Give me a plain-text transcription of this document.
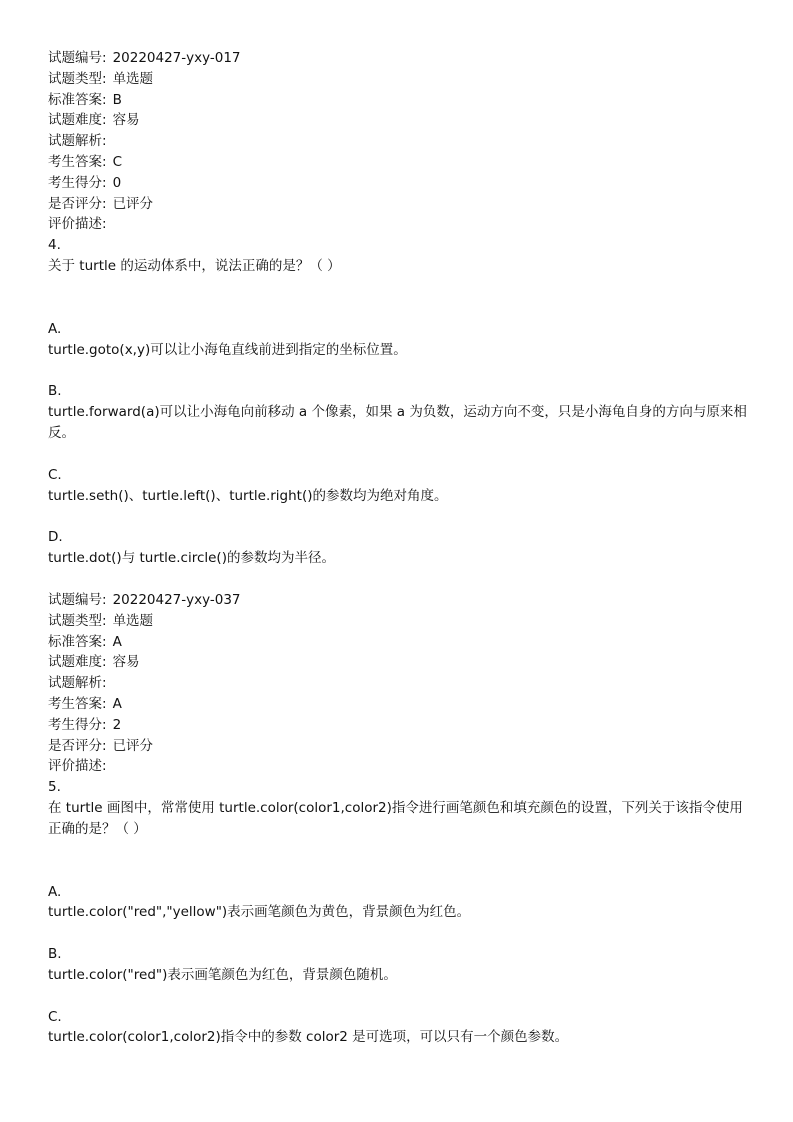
试题编号: 20220427-yxy-017
试题类型: 单选题
标准答案: B
试题难度: 容易
试题解析:
考生答案: C
考生得分: 0
是否评分: 已评分
评价描述:
4.
关于 turtle 的运动体系中，说法正确的是？（ ）
A.
turtle.goto(x,y)可以让小海龟直线前进到指定的坐标位置。
B.
turtle.forward(a)可以让小海龟向前移动 a 个像素，如果 a 为负数，运动方向不变，只是小海龟自身的方向与原来相反。
C.
turtle.seth()、turtle.left()、turtle.right()的参数均为绝对角度。
D.
turtle.dot()与 turtle.circle()的参数均为半径。
试题编号: 20220427-yxy-037
试题类型: 单选题
标准答案: A
试题难度: 容易
试题解析:
考生答案: A
考生得分: 2
是否评分: 已评分
评价描述:
5.
在 turtle 画图中，常常使用 turtle.color(color1,color2)指令进行画笔颜色和填充颜色的设置，下列关于该指令使用正确的是？（ ）
A.
turtle.color("red","yellow")表示画笔颜色为黄色，背景颜色为红色。
B.
turtle.color("red")表示画笔颜色为红色，背景颜色随机。
C.
turtle.color(color1,color2)指令中的参数 color2 是可选项，可以只有一个颜色参数。
